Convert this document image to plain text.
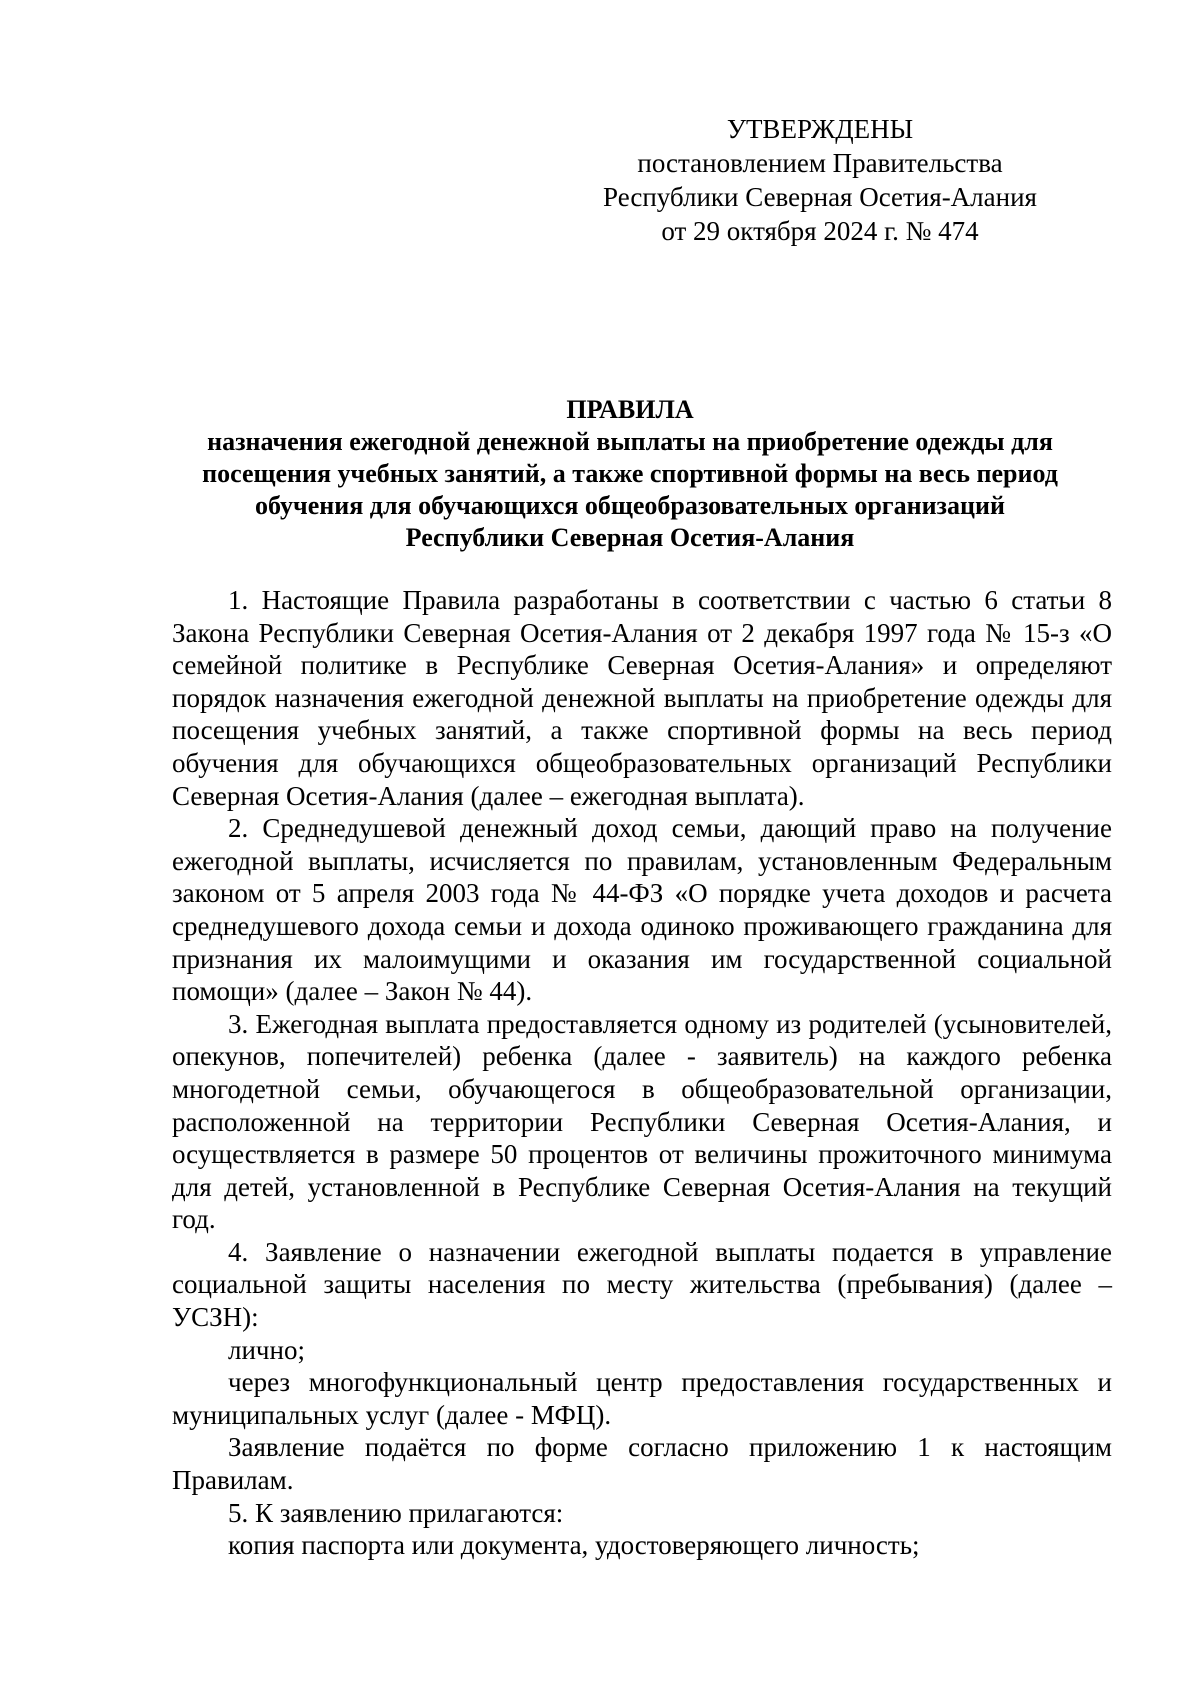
УТВЕРЖДЕНЫ
постановлением Правительства
Республики Северная Осетия-Алания
от 29 октября 2024 г. № 474
ПРАВИЛА
назначения ежегодной денежной выплаты на приобретение одежды для
посещения учебных занятий, а также спортивной формы на весь период
обучения для обучающихся общеобразовательных организаций
Республики Северная Осетия-Алания

1. Настоящие Правила разработаны в соответствии с частью 6 статьи 8 Закона Республики Северная Осетия-Алания от 2 декабря 1997 года № 15-з «О семейной политике в Республике Северная Осетия-Алания» и определяют порядок назначения ежегодной денежной выплаты на приобретение одежды для посещения учебных занятий, а также спортивной формы на весь период обучения для обучающихся общеобразовательных организаций Республики Северная Осетия-Алания (далее – ежегодная выплата).

2. Среднедушевой денежный доход семьи, дающий право на получение ежегодной выплаты, исчисляется по правилам, установленным Федеральным законом от 5 апреля 2003 года № 44-ФЗ «О порядке учета доходов и расчета среднедушевого дохода семьи и дохода одиноко проживающего гражданина для признания их малоимущими и оказания им государственной социальной помощи» (далее – Закон № 44).

3. Ежегодная выплата предоставляется одному из родителей (усыновителей, опекунов, попечителей) ребенка (далее - заявитель) на каждого ребенка многодетной семьи, обучающегося в общеобразовательной организации, расположенной на территории Республики Северная Осетия-Алания, и осуществляется в размере 50 процентов от величины прожиточного минимума для детей, установленной в Республике Северная Осетия-Алания на текущий год.

4. Заявление о назначении ежегодной выплаты подается в управление социальной защиты населения по месту жительства (пребывания) (далее – УСЗН):

лично;

через многофункциональный центр предоставления государственных и муниципальных услуг (далее - МФЦ).

Заявление подаётся по форме согласно приложению 1 к настоящим Правилам.

5. К заявлению прилагаются:

копия паспорта или документа, удостоверяющего личность;
